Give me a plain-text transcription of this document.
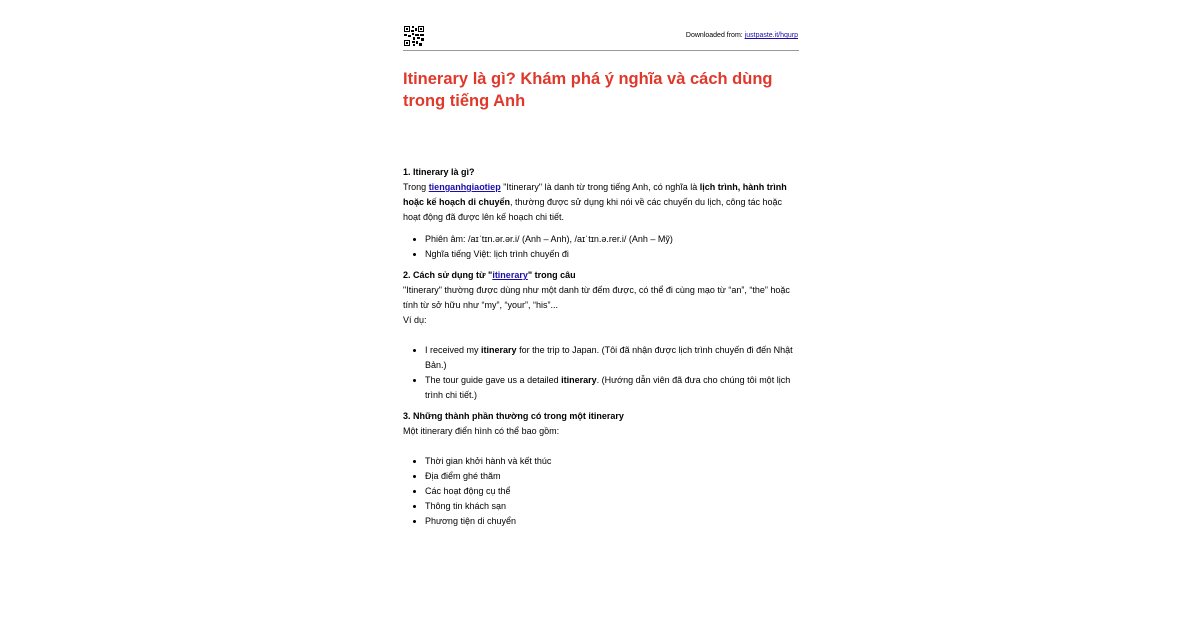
Downloaded from: justpaste.it/hqurp
Itinerary là gì? Khám phá ý nghĩa và cách dùng trong tiếng Anh

1. Itinerary là gì?

Trong tienganhgiaotiep "Itinerary" là danh từ trong tiếng Anh, có nghĩa là lịch trình, hành trình hoặc kế hoạch di chuyển, thường được sử dụng khi nói về các chuyến du lịch, công tác hoặc hoạt động đã được lên kế hoạch chi tiết.

• Phiên âm: /aɪˈtɪn.ər.ər.i/ (Anh – Anh), /aɪˈtɪn.ə.rer.i/ (Anh – Mỹ)
• Nghĩa tiếng Việt: lịch trình chuyến đi

2. Cách sử dụng từ "itinerary" trong câu

"Itinerary" thường được dùng như một danh từ đếm được, có thể đi cùng mạo từ “an”, “the” hoặc tính từ sở hữu như “my”, “your”, “his”...

Ví dụ:

• I received my itinerary for the trip to Japan. (Tôi đã nhận được lịch trình chuyến đi đến Nhật Bản.)
• The tour guide gave us a detailed itinerary. (Hướng dẫn viên đã đưa cho chúng tôi một lịch trình chi tiết.)

3. Những thành phần thường có trong một itinerary

Một itinerary điển hình có thể bao gồm:

• Thời gian khởi hành và kết thúc
• Địa điểm ghé thăm
• Các hoạt động cụ thể
• Thông tin khách sạn
• Phương tiện di chuyển
